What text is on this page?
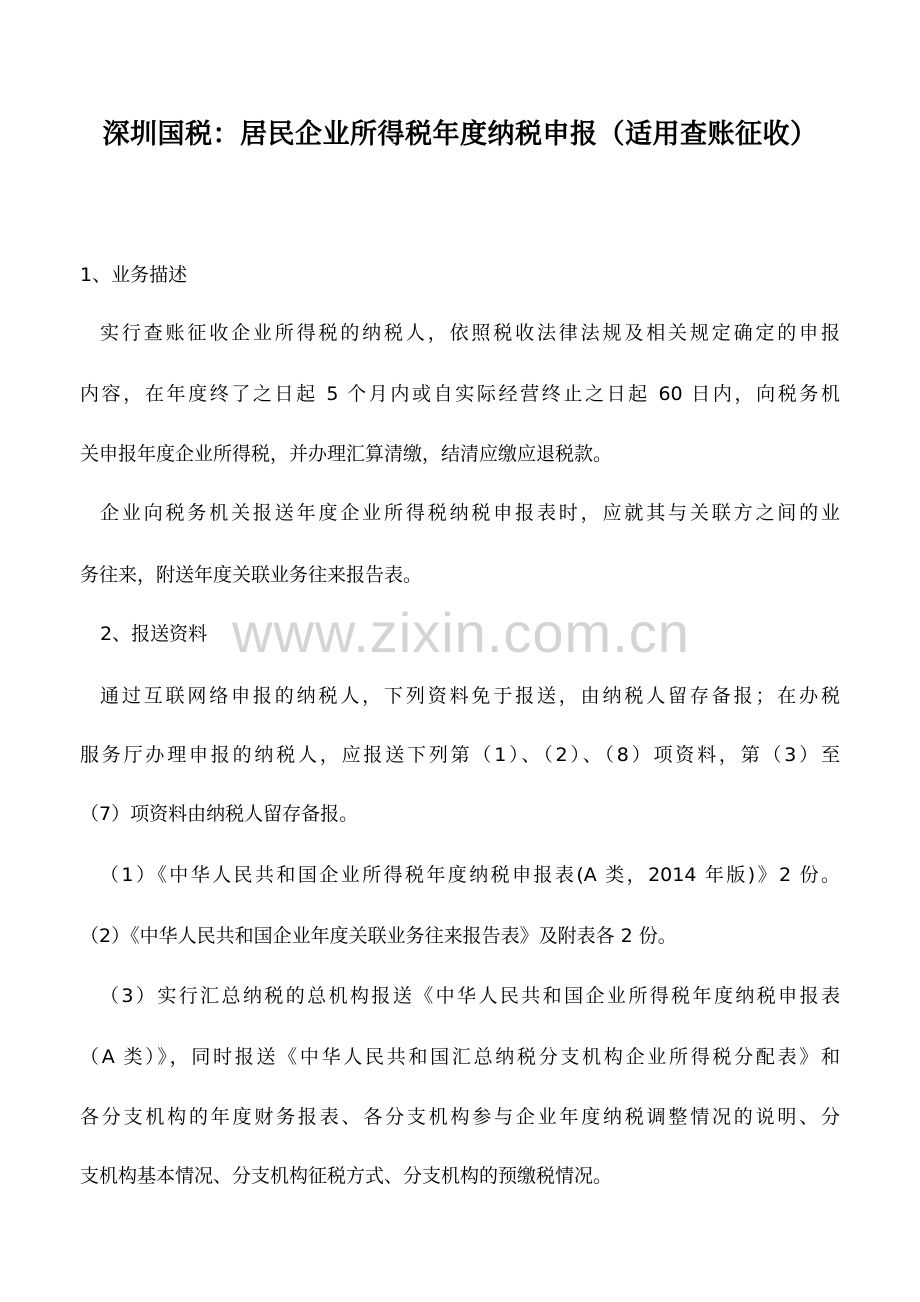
深圳国税：居民企业所得税年度纳税申报（适用查账征收）
1、业务描述
实行查账征收企业所得税的纳税人，依照税收法律法规及相关规定确定的申报
内容，在年度终了之日起 5 个月内或自实际经营终止之日起 60 日内，向税务机
关申报年度企业所得税，并办理汇算清缴，结清应缴应退税款。
企业向税务机关报送年度企业所得税纳税申报表时，应就其与关联方之间的业
务往来，附送年度关联业务往来报告表。
2、报送资料
通过互联网络申报的纳税人，下列资料免于报送，由纳税人留存备报；在办税
服务厅办理申报的纳税人，应报送下列第（1）、（2）、（8）项资料，第（3）至
（7）项资料由纳税人留存备报。
（1）《中华人民共和国企业所得税年度纳税申报表(A 类，2014 年版)》2 份。
（2）《中华人民共和国企业年度关联业务往来报告表》及附表各 2 份。
（3）实行汇总纳税的总机构报送《中华人民共和国企业所得税年度纳税申报表
（A 类）》，同时报送《中华人民共和国汇总纳税分支机构企业所得税分配表》和
各分支机构的年度财务报表、各分支机构参与企业年度纳税调整情况的说明、分
支机构基本情况、分支机构征税方式、分支机构的预缴税情况。
www.zixin.com.cn
